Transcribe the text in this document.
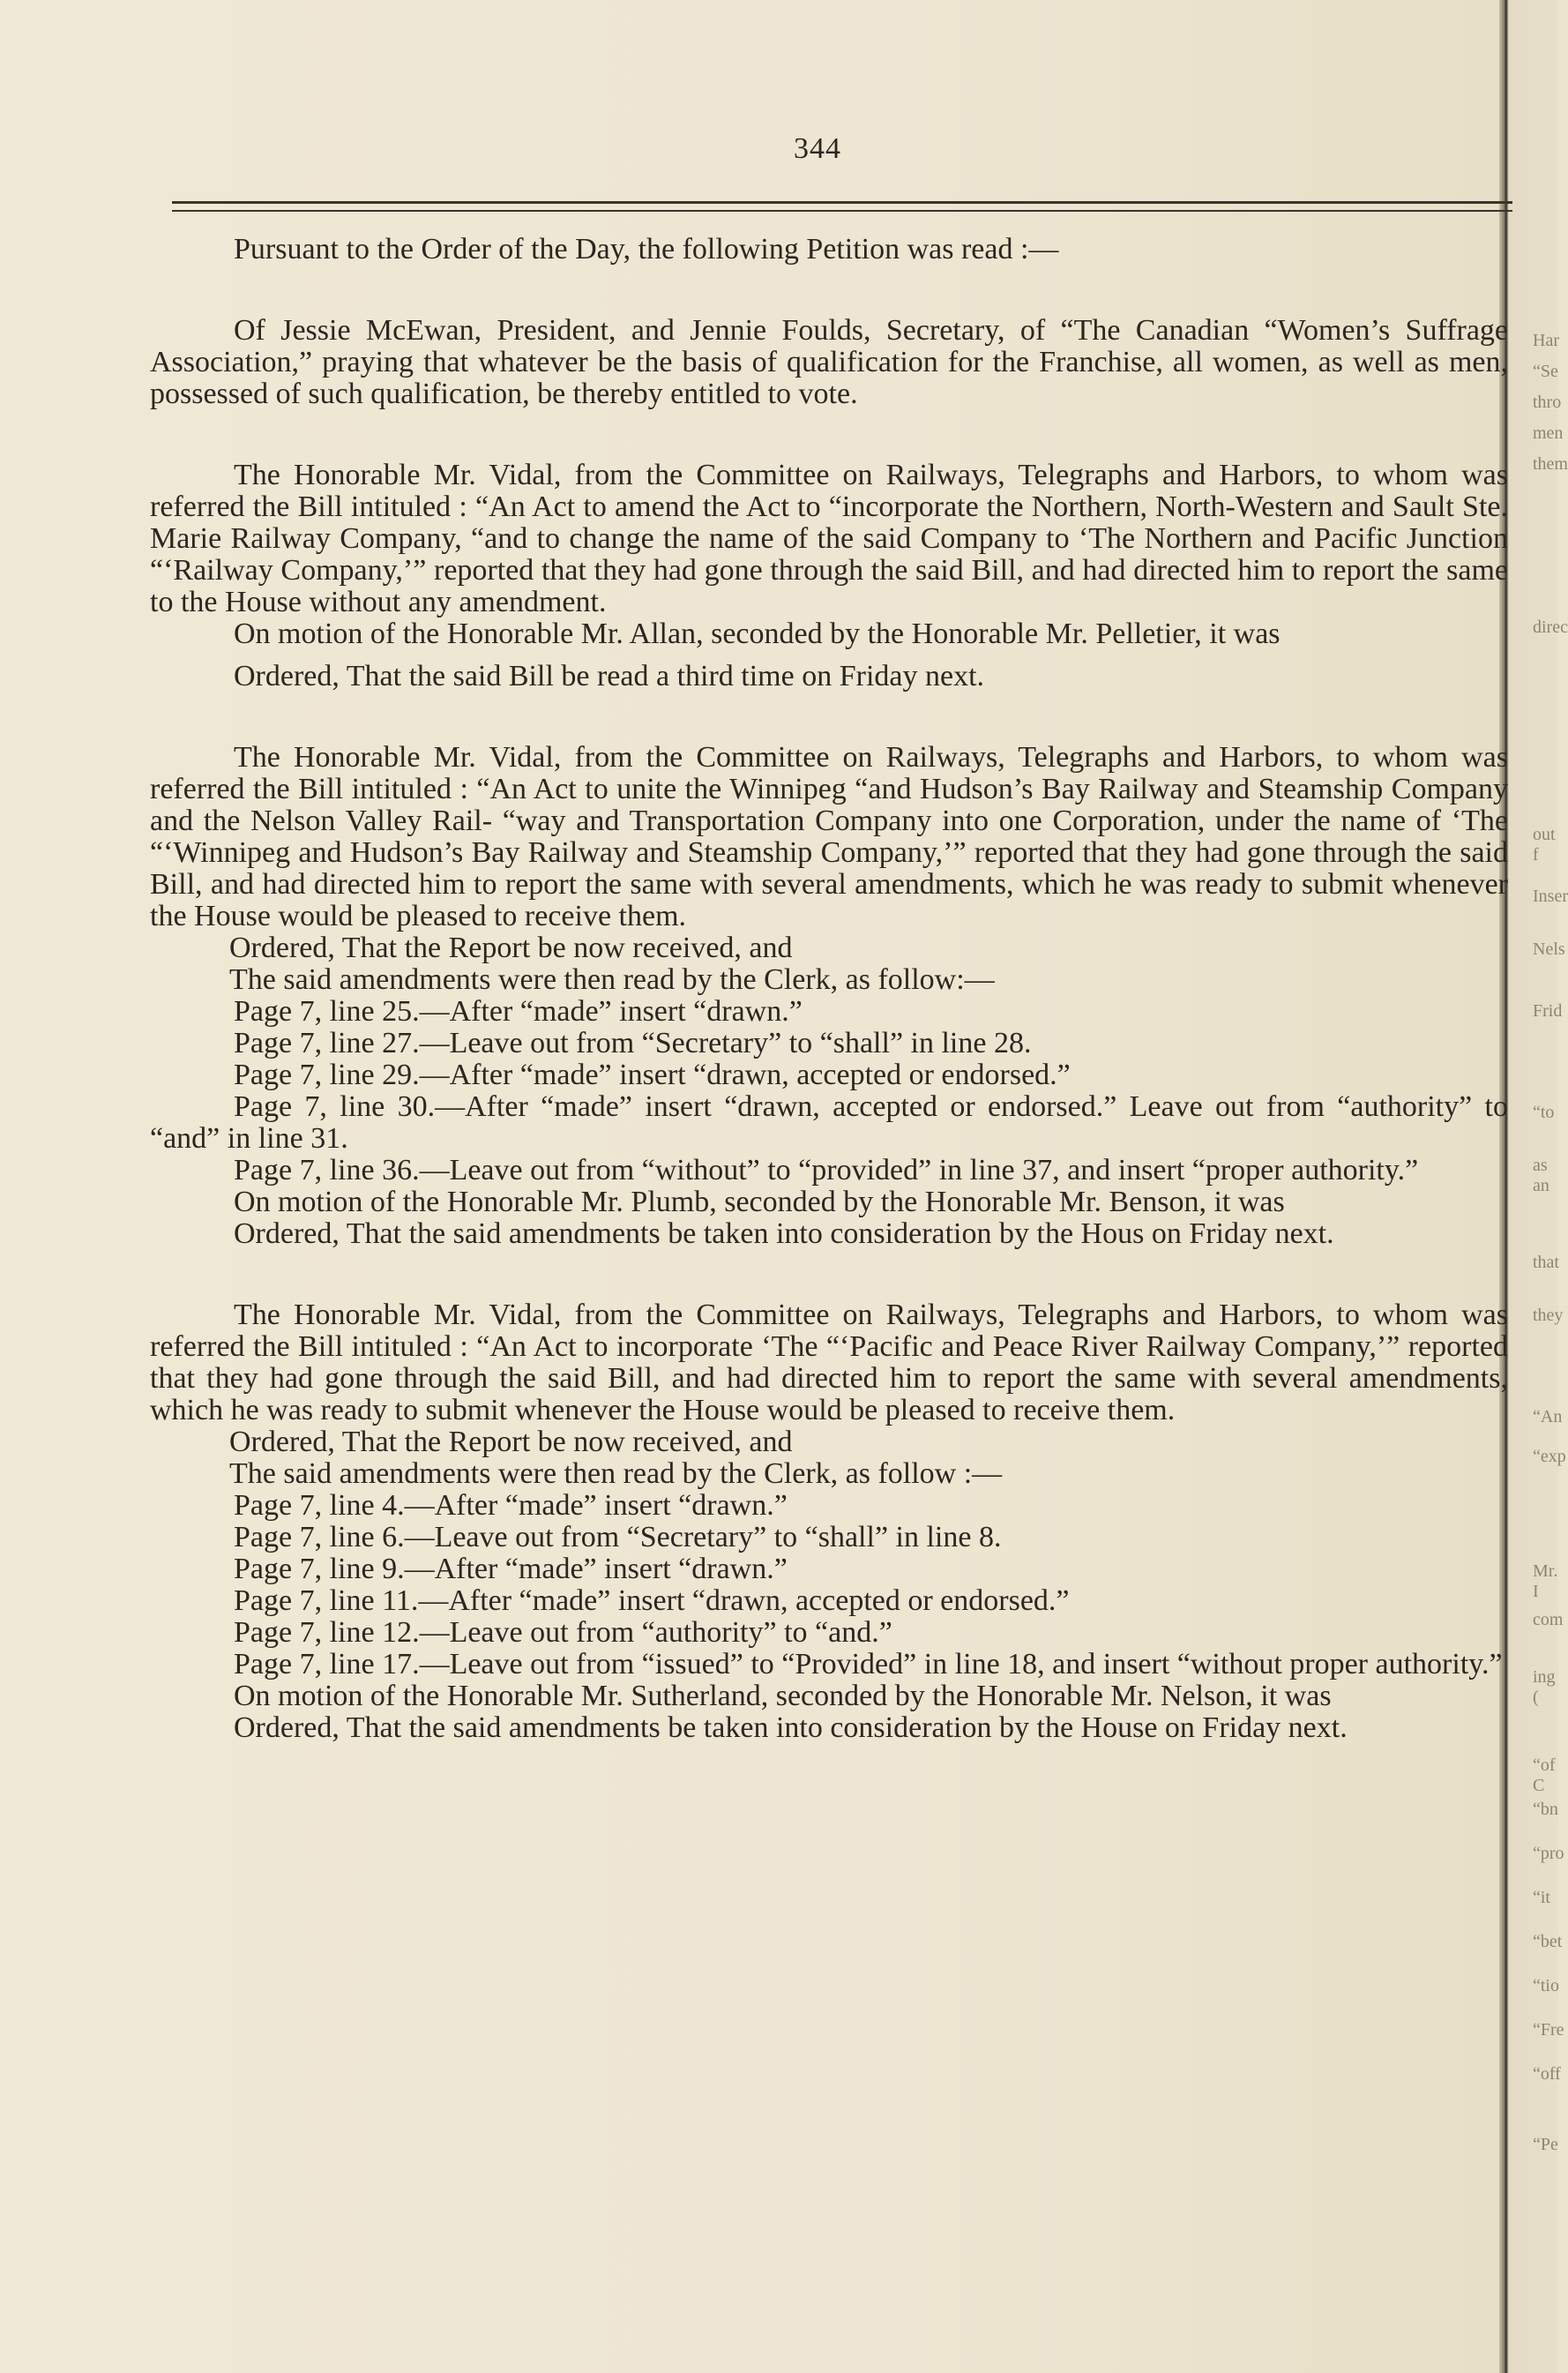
Har
“Se
thro
men
them
direc
out f
Inser
Nels
Frid
“to
as an
that
they
“An
“exp
Mr. I
com
ing (
“of C
“bn
“pro
“it
“bet
“tio
“Fre
“off
“Pe
344

Pursuant to the Order of the Day, the following Petition was read :—

Of Jessie McEwan, President, and Jennie Foulds, Secretary, of “The Canadian “Women’s Suffrage Association,” praying that whatever be the basis of qualification for the Franchise, all women, as well as men, possessed of such qualification, be thereby entitled to vote.

The Honorable Mr. Vidal, from the Committee on Railways, Telegraphs and Harbors, to whom was referred the Bill intituled : “An Act to amend the Act to “incorporate the Northern, North-Western and Sault Ste. Marie Railway Company, “and to change the name of the said Company to ‘The Northern and Pacific Junction “‘Railway Company,’” reported that they had gone through the said Bill, and had directed him to report the same to the House without any amendment.

On motion of the Honorable Mr. Allan, seconded by the Honorable Mr. Pelletier, it was

Ordered, That the said Bill be read a third time on Friday next.

The Honorable Mr. Vidal, from the Committee on Railways, Telegraphs and Harbors, to whom was referred the Bill intituled : “An Act to unite the Winnipeg “and Hudson’s Bay Railway and Steamship Company and the Nelson Valley Rail- “way and Transportation Company into one Corporation, under the name of ‘The “‘Winnipeg and Hudson’s Bay Railway and Steamship Company,’” reported that they had gone through the said Bill, and had directed him to report the same with several amendments, which he was ready to submit whenever the House would be pleased to receive them.

Ordered, That the Report be now received, and

The said amendments were then read by the Clerk, as follow:—

Page 7, line 25.—After “made” insert “drawn.”

Page 7, line 27.—Leave out from “Secretary” to “shall” in line 28.

Page 7, line 29.—After “made” insert “drawn, accepted or endorsed.”

Page 7, line 30.—After “made” insert “drawn, accepted or endorsed.” Leave out from “authority” to “and” in line 31.

Page 7, line 36.—Leave out from “without” to “provided” in line 37, and insert “proper authority.”

On motion of the Honorable Mr. Plumb, seconded by the Honorable Mr. Benson, it was

Ordered, That the said amendments be taken into consideration by the Hous on Friday next.

The Honorable Mr. Vidal, from the Committee on Railways, Telegraphs and Harbors, to whom was referred the Bill intituled : “An Act to incorporate ‘The “‘Pacific and Peace River Railway Company,’” reported that they had gone through the said Bill, and had directed him to report the same with several amendments, which he was ready to submit whenever the House would be pleased to receive them.

Ordered, That the Report be now received, and

The said amendments were then read by the Clerk, as follow :—

Page 7, line 4.—After “made” insert “drawn.”

Page 7, line 6.—Leave out from “Secretary” to “shall” in line 8.

Page 7, line 9.—After “made” insert “drawn.”

Page 7, line 11.—After “made” insert “drawn, accepted or endorsed.”

Page 7, line 12.—Leave out from “authority” to “and.”

Page 7, line 17.—Leave out from “issued” to “Provided” in line 18, and insert “without proper authority.”

On motion of the Honorable Mr. Sutherland, seconded by the Honorable Mr. Nelson, it was

Ordered, That the said amendments be taken into consideration by the House on Friday next.
